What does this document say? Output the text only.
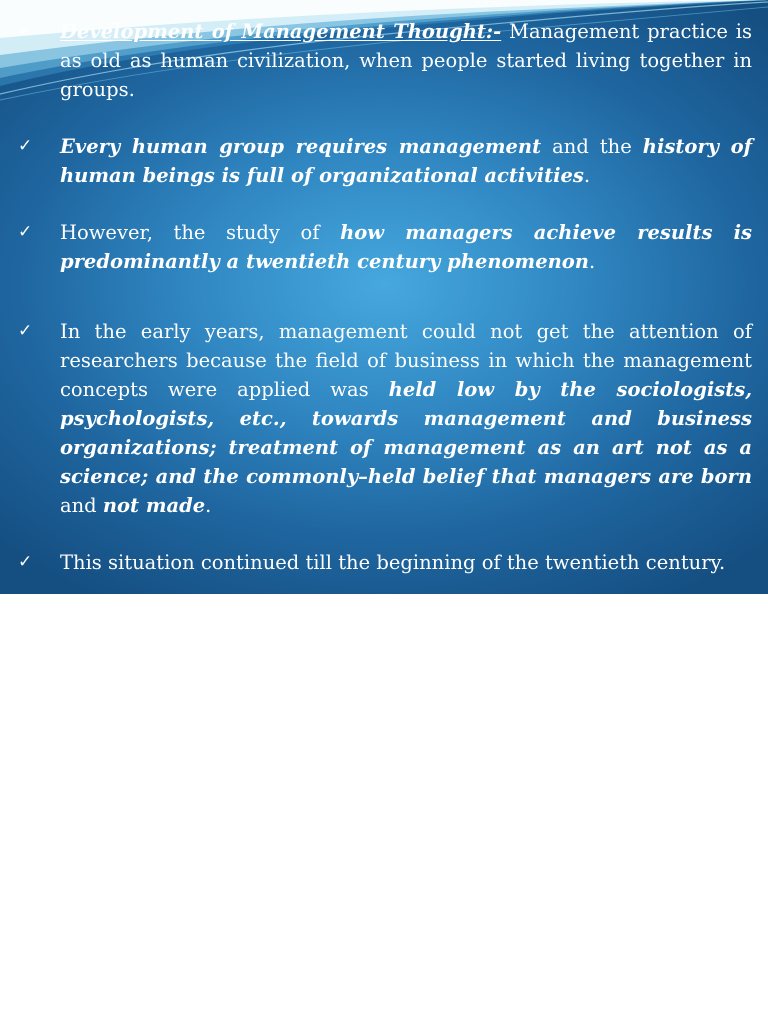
➢ Development of Management Thought:- Management practice is as old as human civilization, when people started living together in groups.

✓ Every human group requires management and the history of human beings is full of organizational activities.

✓ However, the study of how managers achieve results is predominantly a twentieth century phenomenon.

✓ In the early years, management could not get the attention of researchers because the field of business in which the management concepts were applied was held low by the sociologists, psychologists, etc., towards management and business organizations; treatment of management as an art not as a science; and the commonly–held belief that managers are born and not made.

✓ This situation continued till the beginning of the twentieth century.
